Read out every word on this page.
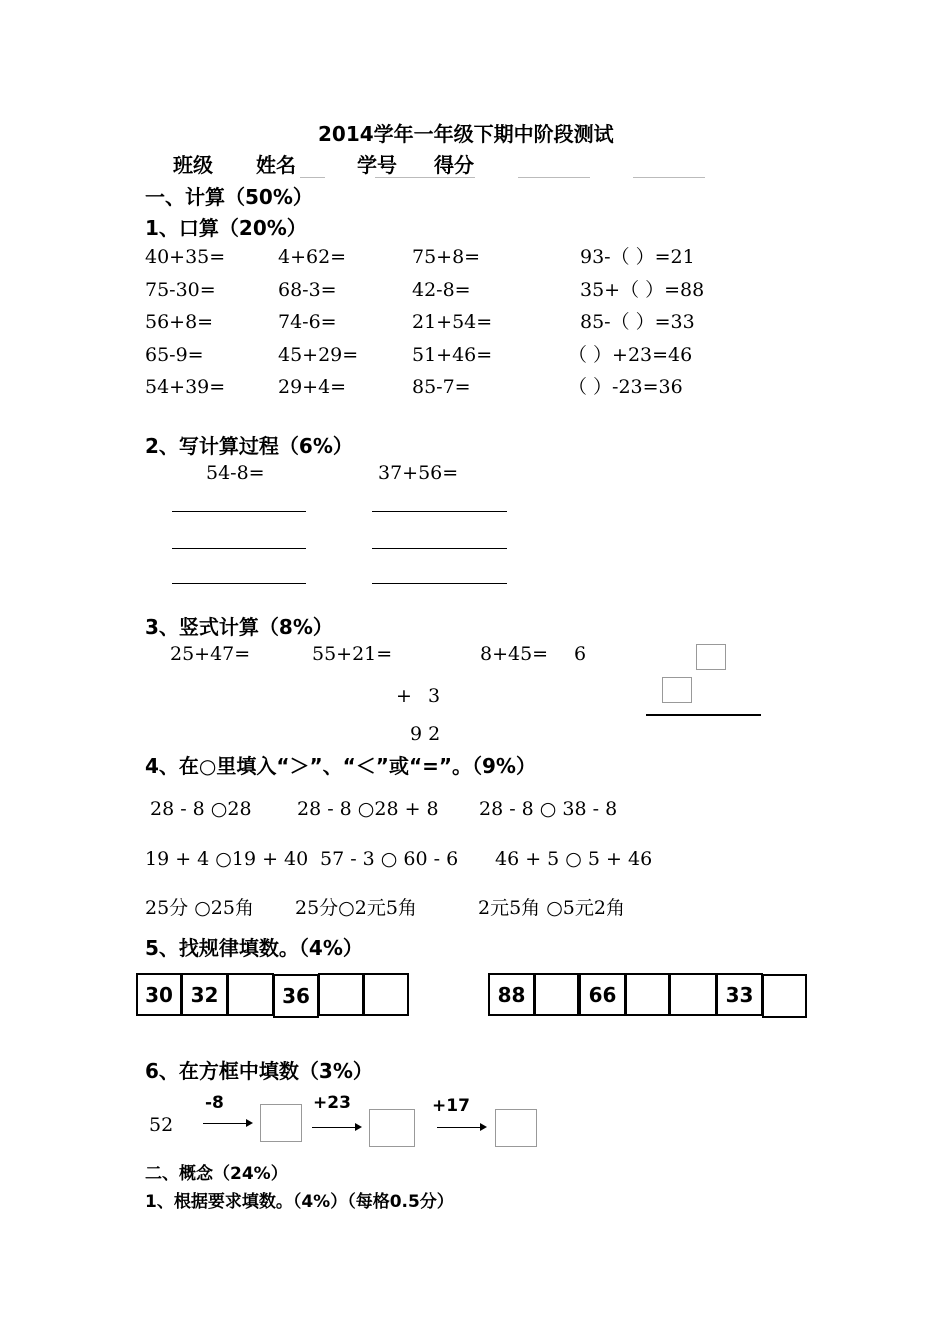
2014学年一年级下期中阶段测试
班级 姓名	学号 得分
一、计算（50%）
1、口算（20%）
40+35=	4+62=	75+8=	93-（ ）=21
75-30=	68-3=	42-8=	35+（ ）=88
56+8=	74-6=	21+54=	85-（ ）=33
65-9=	45+29=	51+46=	（ ）+23=46
54+39=	29+4=	85-7=	（ ）-23=36
2、写计算过程（6%）
54-8=	37+56=
3、竖式计算（8%）
25+47=	55+21=	8+45= 6
+ 3
9 2
4、在○里填入“＞”、“＜”或“=”。（9%）
28 - 8 ○28 28 - 8 ○28 + 8 28 - 8 ○ 38 - 8
19 + 4 ○19 + 40 57 - 3 ○ 60 - 6 46 + 5 ○ 5 + 46
25分 ○25角 25分○2元5角	2元5角 ○5元2角
5、找规律填数。（4%）
30 32	36	88	66	33
6、在方框中填数（3%）
52
-8	+23	+17
二、概念（24%）
1、根据要求填数。（4%）（每格0.5分）
